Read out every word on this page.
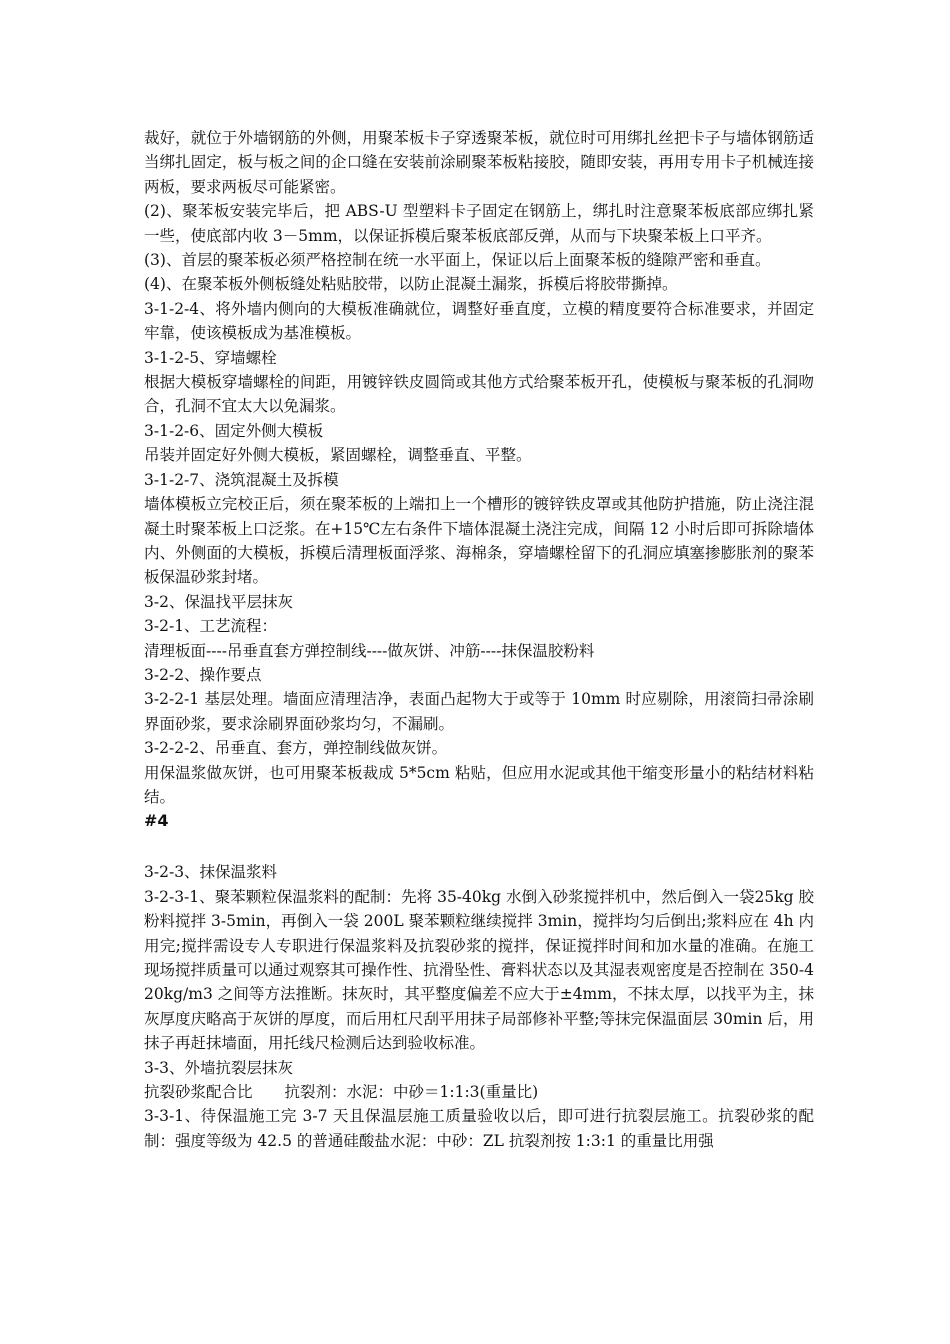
裁好，就位于外墙钢筋的外侧，用聚苯板卡子穿透聚苯板，就位时可用绑扎丝把卡子与墙体钢筋适当绑扎固定，板与板之间的企口缝在安装前涂刷聚苯板粘接胶，随即安装，再用专用卡子机械连接两板，要求两板尽可能紧密。

(2)、聚苯板安装完毕后，把 ABS-U 型塑料卡子固定在钢筋上，绑扎时注意聚苯板底部应绑扎紧一些，使底部内收 3－5mm，以保证拆模后聚苯板底部反弹，从而与下块聚苯板上口平齐。

(3)、首层的聚苯板必须严格控制在统一水平面上，保证以后上面聚苯板的缝隙严密和垂直。

(4)、在聚苯板外侧板缝处粘贴胶带，以防止混凝土漏浆，拆模后将胶带撕掉。

3-1-2-4、将外墙内侧向的大模板准确就位，调整好垂直度，立模的精度要符合标准要求，并固定牢靠，使该模板成为基准模板。

3-1-2-5、穿墙螺栓

根据大模板穿墙螺栓的间距，用镀锌铁皮圆筒或其他方式给聚苯板开孔，使模板与聚苯板的孔洞吻合，孔洞不宜太大以免漏浆。

3-1-2-6、固定外侧大模板

吊装并固定好外侧大模板，紧固螺栓，调整垂直、平整。

3-1-2-7、浇筑混凝土及拆模

墙体模板立完校正后，须在聚苯板的上端扣上一个槽形的镀锌铁皮罩或其他防护措施，防止浇注混凝土时聚苯板上口泛浆。在+15℃左右条件下墙体混凝土浇注完成，间隔 12 小时后即可拆除墙体内、外侧面的大模板，拆模后清理板面浮浆、海棉条，穿墙螺栓留下的孔洞应填塞掺膨胀剂的聚苯板保温砂浆封堵。

3-2、保温找平层抹灰

3-2-1、工艺流程：

清理板面----吊垂直套方弹控制线----做灰饼、冲筋----抹保温胶粉料

3-2-2、操作要点

3-2-2-1 基层处理。墙面应清理洁净，表面凸起物大于或等于 10mm 时应剔除，用滚筒扫帚涂刷界面砂浆，要求涂刷界面砂浆均匀，不漏刷。

3-2-2-2、吊垂直、套方，弹控制线做灰饼。

用保温浆做灰饼，也可用聚苯板裁成 5*5cm 粘贴，但应用水泥或其他干缩变形量小的粘结材料粘结。

#4

3-2-3、抹保温浆料

3-2-3-1、聚苯颗粒保温浆料的配制：先将 35-40kg 水倒入砂浆搅拌机中，然后倒入一袋25kg 胶粉料搅拌 3-5min，再倒入一袋 200L 聚苯颗粒继续搅拌 3min，搅拌均匀后倒出;浆料应在 4h 内用完;搅拌需设专人专职进行保温浆料及抗裂砂浆的搅拌，保证搅拌时间和加水量的准确。在施工现场搅拌质量可以通过观察其可操作性、抗滑坠性、膏料状态以及其湿表观密度是否控制在 350-420kg/m3 之间等方法推断。抹灰时，其平整度偏差不应大于±4mm，不抹太厚，以找平为主，抹灰厚度庆略高于灰饼的厚度，而后用杠尺刮平用抹子局部修补平整;等抹完保温面层 30min 后，用抹子再赶抹墙面，用托线尺检测后达到验收标准。

3-3、外墙抗裂层抹灰

抗裂砂浆配合比 抗裂剂：水泥：中砂＝1:1:3(重量比)

3-3-1、待保温施工完 3-7 天且保温层施工质量验收以后，即可进行抗裂层施工。抗裂砂浆的配制：强度等级为 42.5 的普通硅酸盐水泥：中砂：ZL 抗裂剂按 1:3:1 的重量比用强
